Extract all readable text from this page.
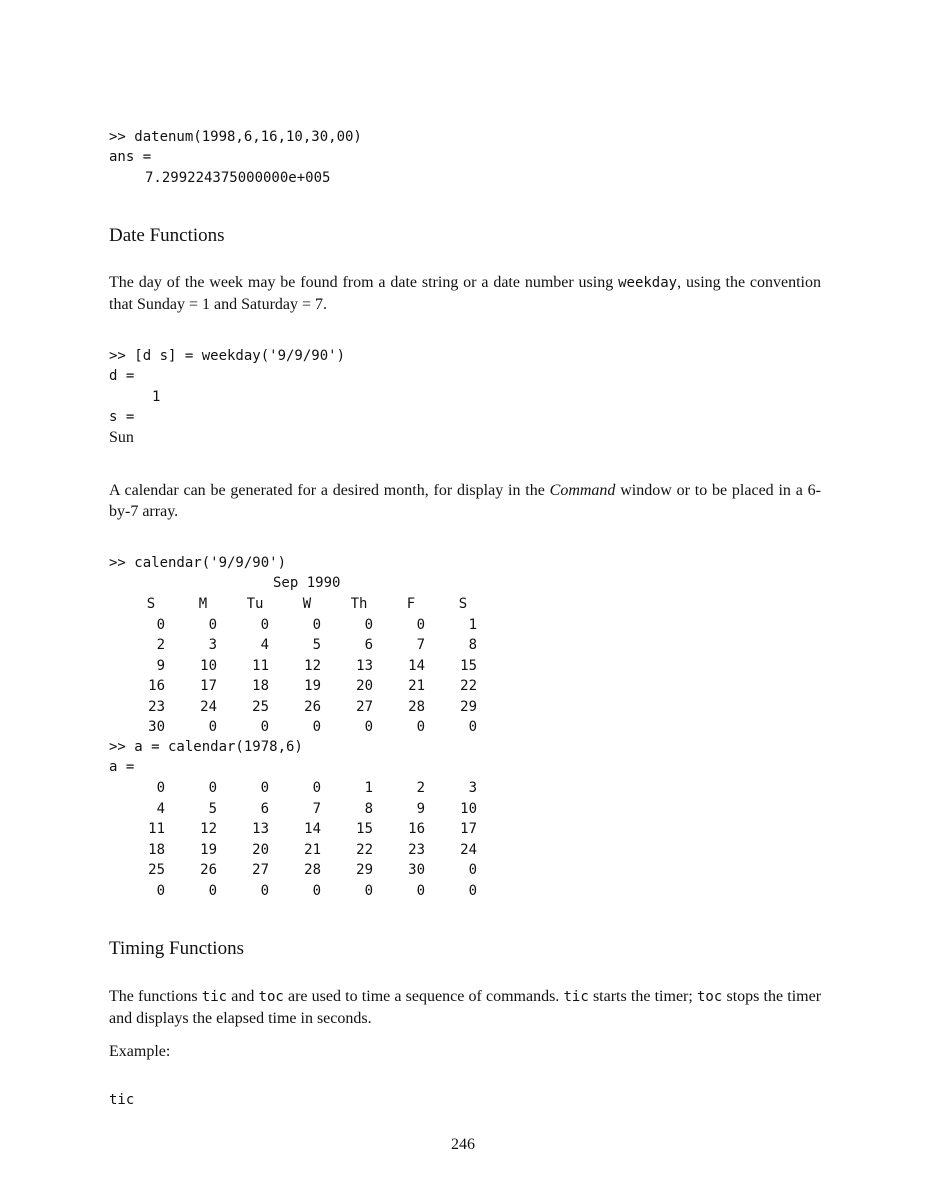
>> datenum(1998,6,16,10,30,00)
ans =
7.299224375000000e+005
Date Functions
The day of the week may be found from a date string or a date number using weekday, using the convention that Sunday = 1 and Saturday = 7.
>> [d s] = weekday('9/9/90')
d =
1
s =
Sun
A calendar can be generated for a desired month, for display in the Command window or to be placed in a 6-by-7 array.
>> calendar('9/9/90')
Sep 1990
S	M	Tu	W	Th	F	S
0	0	0	0	0	0	1
2	3	4	5	6	7	8
9	10	11	12	13	14	15
16	17	18	19	20	21	22
23	24	25	26	27	28	29
30	0	0	0	0	0	0
>> a = calendar(1978,6)
a =
0	0	0	0	1	2	3
4	5	6	7	8	9	10
11	12	13	14	15	16	17
18	19	20	21	22	23	24
25	26	27	28	29	30	0
0	0	0	0	0	0	0
Timing Functions
The functions tic and toc are used to time a sequence of commands. tic starts the timer; toc stops the timer and displays the elapsed time in seconds.
Example:
tic
246
